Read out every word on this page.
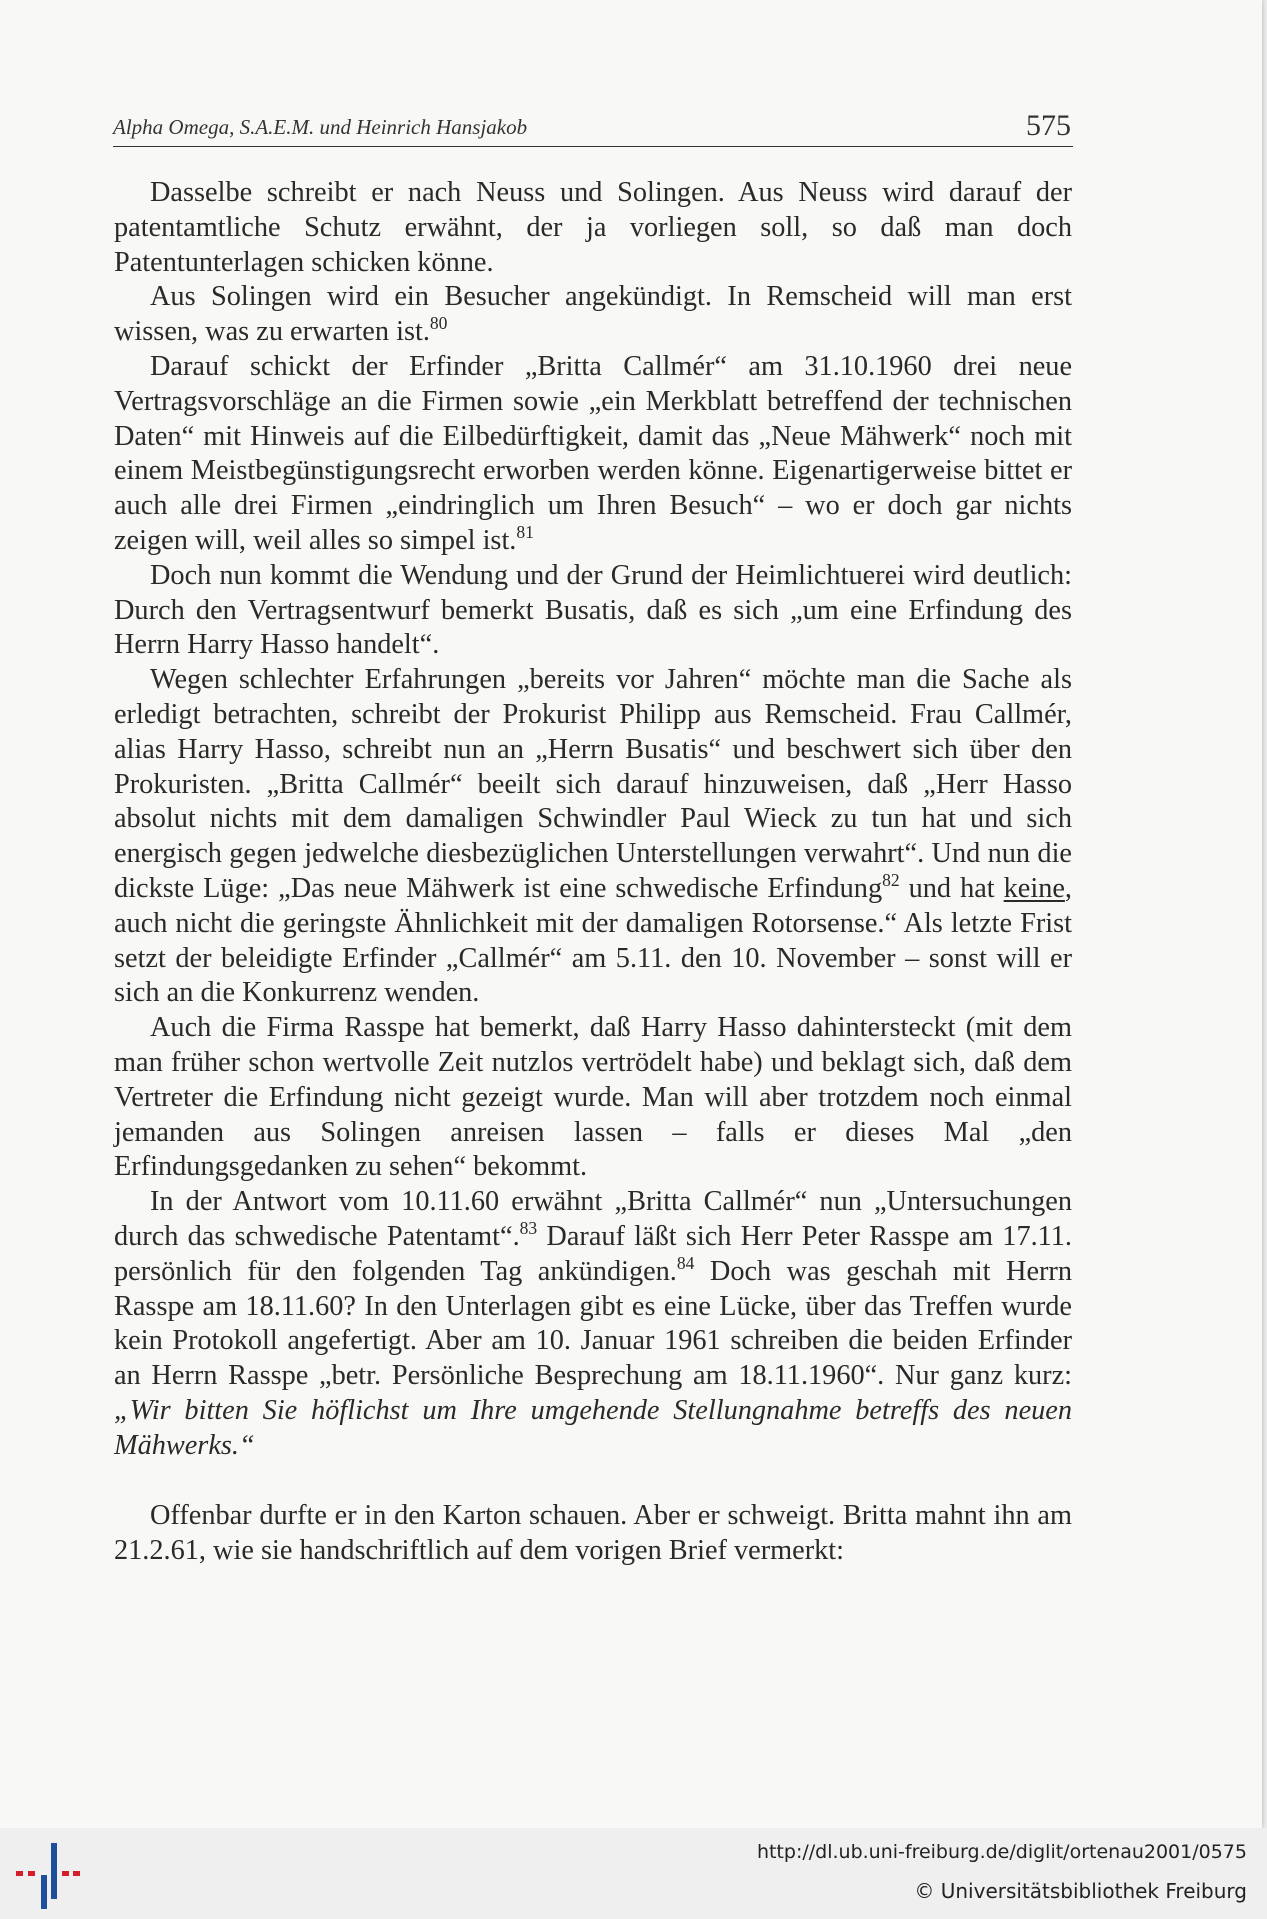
Alpha Omega, S.A.E.M. und Heinrich Hansjakob	575

Dasselbe schreibt er nach Neuss und Solingen. Aus Neuss wird darauf der patentamtliche Schutz erwähnt, der ja vorliegen soll, so daß man doch Patentunterlagen schicken könne.

Aus Solingen wird ein Besucher angekündigt. In Remscheid will man erst wissen, was zu erwarten ist.$^{80}$

Darauf schickt der Erfinder „Britta Callmér“ am 31.10.1960 drei neue Vertragsvorschläge an die Firmen sowie „ein Merkblatt betreffend der technischen Daten“ mit Hinweis auf die Eilbedürftigkeit, damit das „Neue Mähwerk“ noch mit einem Meistbegünstigungsrecht erworben werden könne. Eigenartigerweise bittet er auch alle drei Firmen „eindringlich um Ihren Besuch“ – wo er doch gar nichts zeigen will, weil alles so simpel ist.$^{81}$

Doch nun kommt die Wendung und der Grund der Heimlichtuerei wird deutlich: Durch den Vertragsentwurf bemerkt Busatis, daß es sich „um eine Erfindung des Herrn Harry Hasso handelt“.

Wegen schlechter Erfahrungen „bereits vor Jahren“ möchte man die Sache als erledigt betrachten, schreibt der Prokurist Philipp aus Remscheid. Frau Callmér, alias Harry Hasso, schreibt nun an „Herrn Busatis“ und beschwert sich über den Prokuristen. „Britta Callmér“ beeilt sich darauf hinzuweisen, daß „Herr Hasso absolut nichts mit dem damaligen Schwindler Paul Wieck zu tun hat und sich energisch gegen jedwelche diesbezüglichen Unterstellungen verwahrt“. Und nun die dickste Lüge: „Das neue Mähwerk ist eine schwedische Erfindung$^{82}$ und hat keine, auch nicht die geringste Ähnlichkeit mit der damaligen Rotorsense.“ Als letzte Frist setzt der beleidigte Erfinder „Callmér“ am 5.11. den 10. November – sonst will er sich an die Konkurrenz wenden.

Auch die Firma Rasspe hat bemerkt, daß Harry Hasso dahintersteckt (mit dem man früher schon wertvolle Zeit nutzlos vertrödelt habe) und beklagt sich, daß dem Vertreter die Erfindung nicht gezeigt wurde. Man will aber trotzdem noch einmal jemanden aus Solingen anreisen lassen – falls er dieses Mal „den Erfindungsgedanken zu sehen“ bekommt.

In der Antwort vom 10.11.60 erwähnt „Britta Callmér“ nun „Untersuchungen durch das schwedische Patentamt“.$^{83}$ Darauf läßt sich Herr Peter Rasspe am 17.11. persönlich für den folgenden Tag ankündigen.$^{84}$ Doch was geschah mit Herrn Rasspe am 18.11.60? In den Unterlagen gibt es eine Lücke, über das Treffen wurde kein Protokoll angefertigt. Aber am 10. Januar 1961 schreiben die beiden Erfinder an Herrn Rasspe „betr. Persönliche Besprechung am 18.11.1960“. Nur ganz kurz: „Wir bitten Sie höflichst um Ihre umgehende Stellungnahme betreffs des neuen Mähwerks.“

Offenbar durfte er in den Karton schauen. Aber er schweigt. Britta mahnt ihn am 21.2.61, wie sie handschriftlich auf dem vorigen Brief vermerkt:

http://dl.ub.uni-freiburg.de/diglit/ortenau2001/0575
© Universitätsbibliothek Freiburg
